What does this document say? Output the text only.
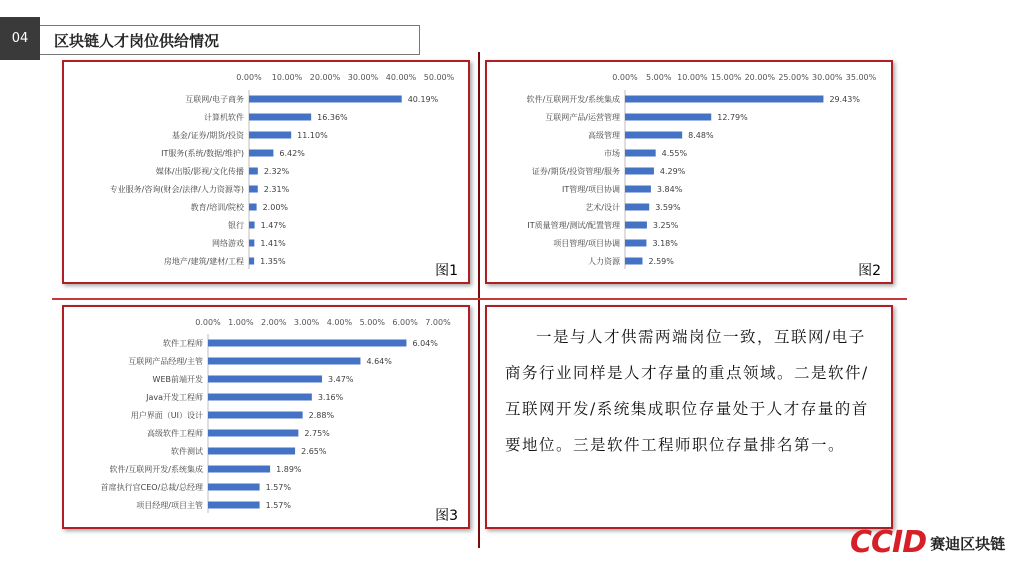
04	区块链人才岗位供给情况
0.00% 10.00% 20.00% 30.00% 40.00% 50.00%
互联网/电子商务	40.19%
计算机软件	16.36%
基金/证券/期货/投资	11.10%
IT服务(系统/数据/维护)	6.42%
媒体/出版/影视/文化传播 2.32%
专业服务/咨询(财会/法律/人力资源等) 2.31%
教育/培训/院校 2.00%
银行 1.47%
网络游戏 1.41%
房地产/建筑/建材/工程 1.35%
图1
0.00% 5.00% 10.00% 15.00% 20.00% 25.00% 30.00% 35.00%
软件/互联网开发/系统集成	29.43%
互联网产品/运营管理	12.79%
高级管理	8.48%
市场	4.55%
证券/期货/投资管理/服务	4.29%
IT管理/项目协调	3.84%
艺术/设计	3.59%
IT质量管理/测试/配置管理	3.25%
项目管理/项目协调	3.18%
人力资源	2.59%
图2
0.00% 1.00% 2.00% 3.00% 4.00% 5.00% 6.00% 7.00%
软件工程师	6.04%
互联网产品经理/主管	4.64%
WEB前端开发	3.47%
Java开发工程师	3.16%
用户界面（UI）设计	2.88%
高级软件工程师	2.75%
软件测试	2.65%
软件/互联网开发/系统集成	1.89%
首席执行官CEO/总裁/总经理	1.57%
项目经理/项目主管	1.57%
图3
一是与人才供需两端岗位一致，互联网/电子商务行业同样是人才存量的重点领域。二是软件/互联网开发/系统集成职位存量处于人才存量的首要地位。三是软件工程师职位存量排名第一。
CCID 赛迪区块链
